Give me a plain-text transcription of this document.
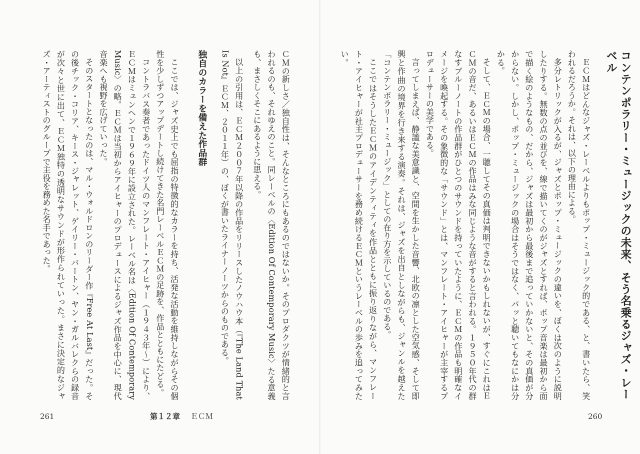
コンテンポラリー・ミュージックの未来、そう名乗るジャズ・レーベル

ＥＣＭはどんなジャズ・レーベルよりもポップ・ミュージック的である、と、書いたら、笑われるだろうか。それは、以下の理由による。

多分レトリックが入るが、ジャズとポップ・ミュージックの違いを、ぼくは次のように説明したりする。無数の点の並びを、線で描いてくのがジャズとすれば、ポップ音楽は最初から面で描く絵のようなもの、だから、ジャズは最初から最後まで追っていかないと、その真価が分からない。しかし、ポップ・ミュージックの場合はそうではなく、パッと聴いてもなにかは分かる。

そして、ＥＣＭの場合、一聴してその真価は判明できないかもしれないが、すぐにこれはＥＣＭの音だ、あるいはＥＣＭの作品はみな同じような音がすると言われる。１９５０年代の群なすブルーノートの作品群がひとつのサウンドを持っていたように、ＥＣＭの作品も明確なイメージを喚起する。その象徴的な「サウンド」とは、マンフレート・アイヒャーが主宰するプロデューサーの美学である。

言ってしまえば、静謐な美意識と、空間を生かした音響、北欧の凛とした空気感、そして即興と作曲の境界を行き来する演奏。それは、ジャズを出自としながらも、ジャンルを越えた「コンテンポラリー・ミュージック」としての在り方を示しているのである。

ここではそうしたＥＣＭのアイデンティティを作品とともに振り返りながら、マンフレート・アイヒャーが社主プロデューサーを務め続けるＥＣＭというレーベルの歩みを追ってみたい。

ＣＭの新しさ／独自性は、そんなところにもあるのではないか。そのプロダクツが情緒的と言われるのも、それゆえのこと。同レーベルの〈Edition Of Contemporary Music〉たる意義も、まさしくそこにあるように思える。

以上の引用は、ＥＣＭ２００７年以降の作品をリリースしたノウハウ本（『The Land That Is Not』ＥＣＭ、２０１１年）の、ぼくが書いたライナーノーツからのものである。

独自のカラーを備えた作品群

ここでは、ジャズ史上でも屈指の特徴的なカラーを持ち、活発な活動を維持しながらその個性を少しずつアップデートし続けてきた名門レーベルＥＣＭの足跡を、作品とともにたどる。

コントラバス奏者であったドイツ人のマンフレート・アイヒャー（１９４３年〜）により、ＥＣＭはミュンヘンで１９６９年に設立された。レーベル名は〈Edition Of Contemporary Music〉の略。ＥＣＭは当初からアイヒャーのプロデュースによるジャズ作品を中心に、現代音楽へも視野を広げていった。

そのスタートとなったのは、マル・ウォルドロンのリーダー作『Free At Last』だった。その後チック・コリア、キース・ジャレット、ゲイリー・バートン、ヤン・ガルバレクらの録音が次々と世に出て、ＥＣＭ独特の透明なサウンドが形作られていった。まさに決定的なジャズ・アーティストのグループで主役を務めた名手であった。

261	第１２章 ＥＣＭ	260
